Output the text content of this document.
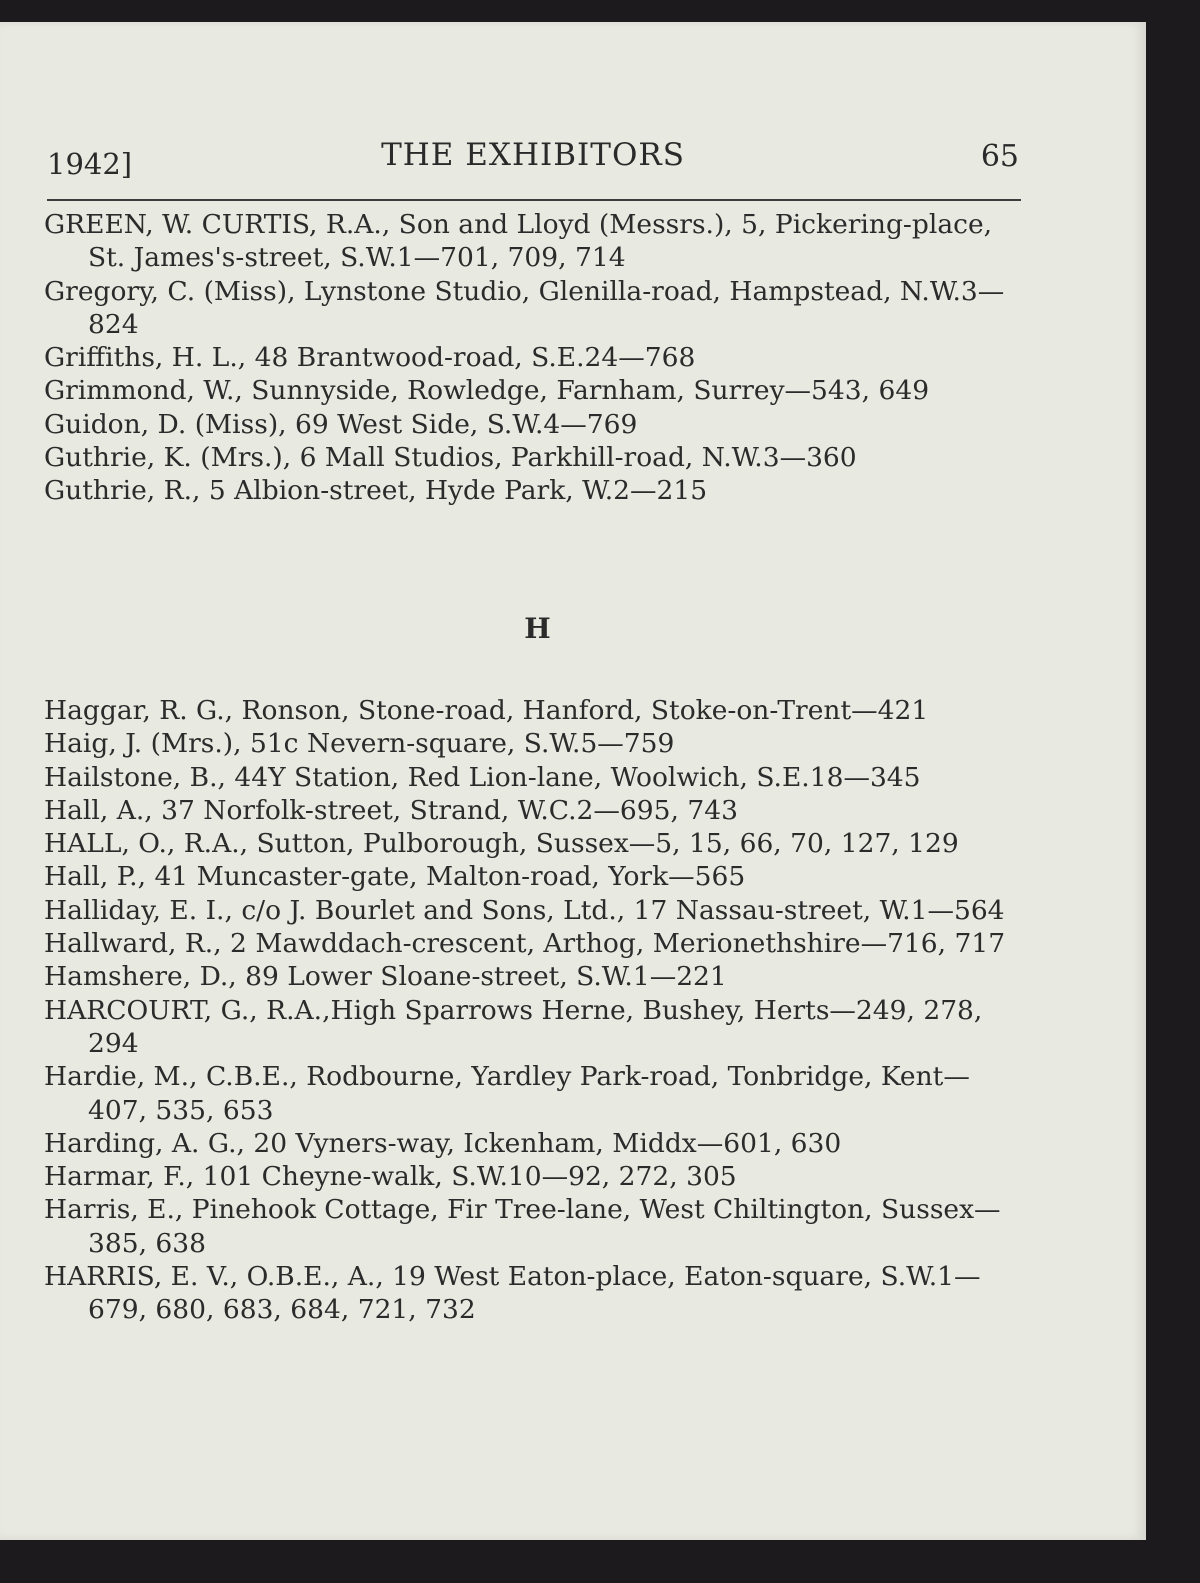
1942]	THE EXHIBITORS	65
GREEN, W. CURTIS, R.A., Son and Lloyd (Messrs.), 5, Pickering-place, St. James's-street, S.W.1—701, 709, 714
Gregory, C. (Miss), Lynstone Studio, Glenilla-road, Hampstead, N.W.3—824
Griffiths, H. L., 48 Brantwood-road, S.E.24—768
Grimmond, W., Sunnyside, Rowledge, Farnham, Surrey—543, 649
Guidon, D. (Miss), 69 West Side, S.W.4—769
Guthrie, K. (Mrs.), 6 Mall Studios, Parkhill-road, N.W.3—360
Guthrie, R., 5 Albion-street, Hyde Park, W.2—215
H
Haggar, R. G., Ronson, Stone-road, Hanford, Stoke-on-Trent—421
Haig, J. (Mrs.), 51c Nevern-square, S.W.5—759
Hailstone, B., 44Y Station, Red Lion-lane, Woolwich, S.E.18—345
Hall, A., 37 Norfolk-street, Strand, W.C.2—695, 743
HALL, O., R.A., Sutton, Pulborough, Sussex—5, 15, 66, 70, 127, 129
Hall, P., 41 Muncaster-gate, Malton-road, York—565
Halliday, E. I., c/o J. Bourlet and Sons, Ltd., 17 Nassau-street, W.1—564
Hallward, R., 2 Mawddach-crescent, Arthog, Merionethshire—716, 717
Hamshere, D., 89 Lower Sloane-street, S.W.1—221
HARCOURT, G., R.A.,High Sparrows Herne, Bushey, Herts—249, 278, 294
Hardie, M., C.B.E., Rodbourne, Yardley Park-road, Tonbridge, Kent—407, 535, 653
Harding, A. G., 20 Vyners-way, Ickenham, Middx—601, 630
Harmar, F., 101 Cheyne-walk, S.W.10—92, 272, 305
Harris, E., Pinehook Cottage, Fir Tree-lane, West Chiltington, Sussex—385, 638
HARRIS, E. V., O.B.E., A., 19 West Eaton-place, Eaton-square, S.W.1—679, 680, 683, 684, 721, 732
